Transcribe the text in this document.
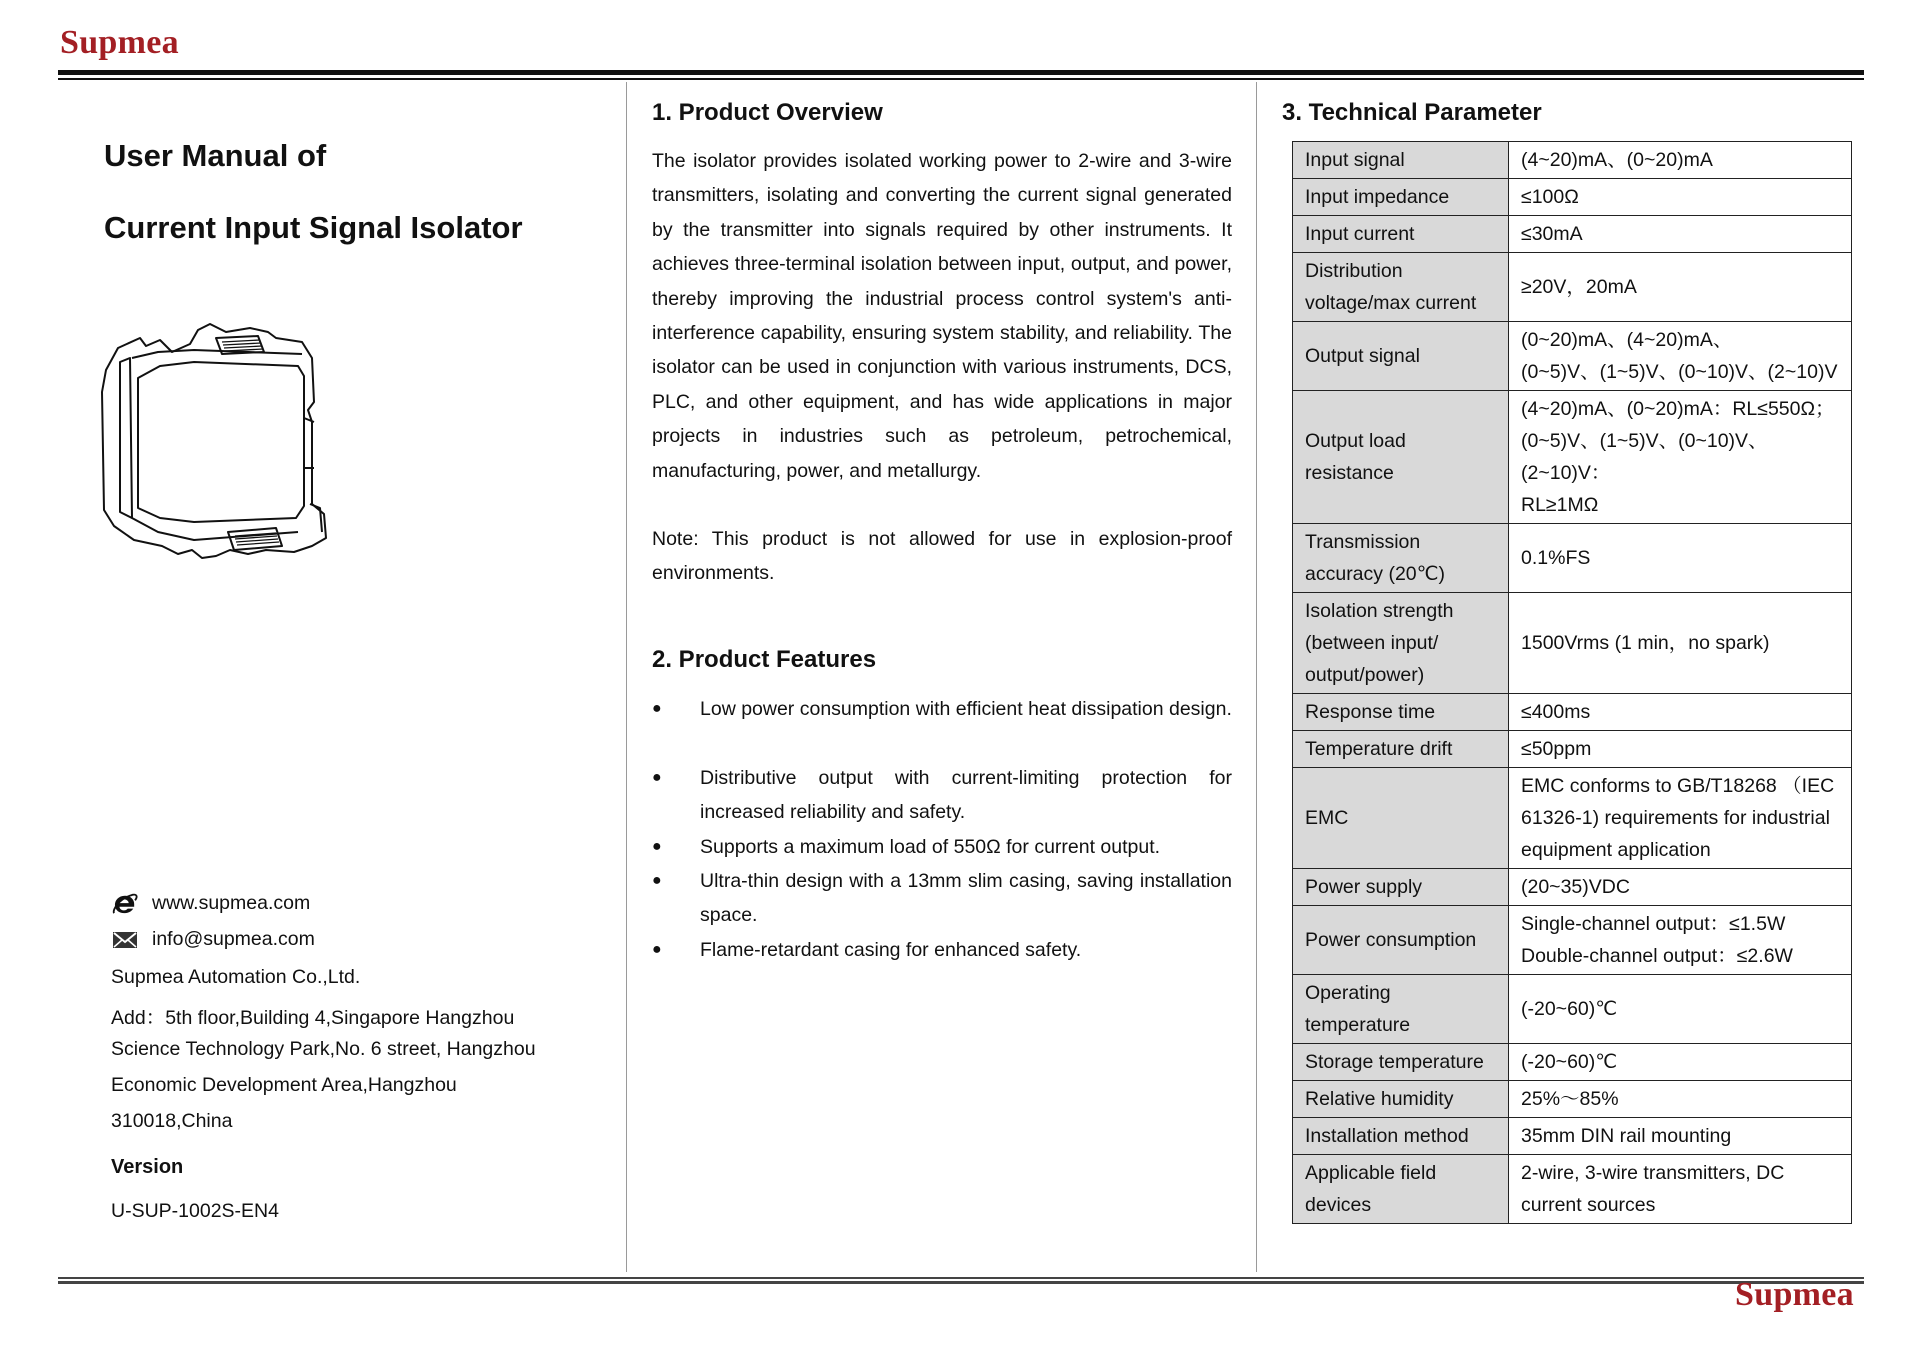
Supmea
User Manual of
Current Input Signal Isolator
www.supmea.com
info@supmea.com
Supmea Automation Co.,Ltd.
Add：5th floor,Building 4,Singapore Hangzhou
Science Technology Park,No. 6 street, Hangzhou
Economic Development Area,Hangzhou
310018,China
Version
U-SUP-1002S-EN4
1. Product Overview
The isolator provides isolated working power to 2-wire and 3-wire transmitters, isolating and converting the current signal generated by the transmitter into signals required by other instruments. It achieves three-terminal isolation between input, output, and power, thereby improving the industrial process control system's anti-interference capability, ensuring system stability, and reliability. The isolator can be used in conjunction with various instruments, DCS, PLC, and other equipment, and has wide applications in major projects in industries such as petroleum, petrochemical, manufacturing, power, and metallurgy.
Note: This product is not allowed for use in explosion-proof environments.
2. Product Features
● Low power consumption with efficient heat dissipation design.
● Distributive output with current-limiting protection for increased reliability and safety.
● Supports a maximum load of 550Ω for current output.
● Ultra-thin design with a 13mm slim casing, saving installation space.
● Flame-retardant casing for enhanced safety.
3. Technical Parameter
Input signal	(4~20)mA、(0~20)mA
Input impedance	≤100Ω
Input current	≤30mA
Distribution voltage/max current	≥20V，20mA
Output signal	(0~20)mA、(4~20)mA、
(0~5)V、(1~5)V、(0~10)V、(2~10)V

Output load resistance	(4~20)mA、(0~20)mA：RL≤550Ω；
(0~5)V、(1~5)V、(0~10)V、(2~10)V：
RL≥1MΩ

Transmission accuracy (20℃)	0.1%FS
Isolation strength (between input/ output/power)	1500Vrms (1 min，no spark)
Response time	≤400ms
Temperature drift	≤50ppm
EMC	EMC conforms to GB/T18268 （IEC 61326-1) requirements for industrial equipment application
Power supply	(20~35)VDC
Power consumption	Single-channel output：≤1.5W
Double-channel output：≤2.6W

Operating temperature	(-20~60)℃
Storage temperature	(-20~60)℃
Relative humidity	25%～85%
Installation method	35mm DIN rail mounting
Applicable field devices	2-wire, 3-wire transmitters, DC current sources
Supmea
